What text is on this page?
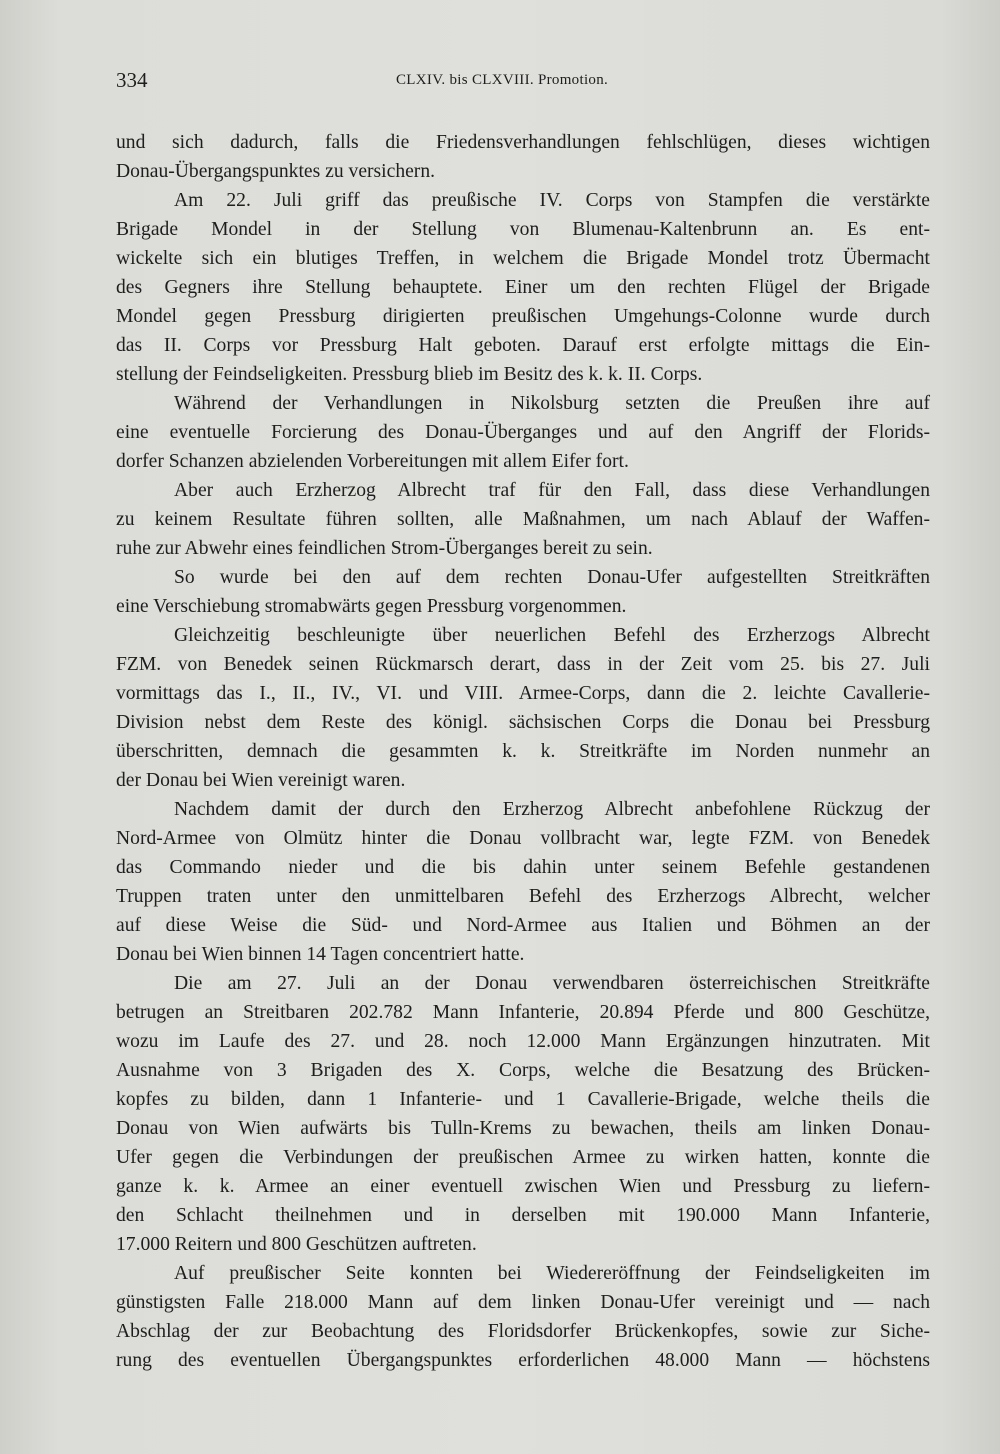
334	CLXIV. bis CLXVIII. Promotion.
und sich dadurch, falls die Friedensverhandlungen fehlschlügen, dieses wichtigen
Donau-Übergangspunktes zu versichern.
Am 22. Juli griff das preußische IV. Corps von Stampfen die verstärkte
Brigade Mondel in der Stellung von Blumenau-Kaltenbrunn an. Es ent-
wickelte sich ein blutiges Treffen, in welchem die Brigade Mondel trotz Übermacht
des Gegners ihre Stellung behauptete. Einer um den rechten Flügel der Brigade
Mondel gegen Pressburg dirigierten preußischen Umgehungs-Colonne wurde durch
das II. Corps vor Pressburg Halt geboten. Darauf erst erfolgte mittags die Ein-
stellung der Feindseligkeiten. Pressburg blieb im Besitz des k. k. II. Corps.
Während der Verhandlungen in Nikolsburg setzten die Preußen ihre auf
eine eventuelle Forcierung des Donau-Überganges und auf den Angriff der Florids-
dorfer Schanzen abzielenden Vorbereitungen mit allem Eifer fort.
Aber auch Erzherzog Albrecht traf für den Fall, dass diese Verhandlungen
zu keinem Resultate führen sollten, alle Maßnahmen, um nach Ablauf der Waffen-
ruhe zur Abwehr eines feindlichen Strom-Überganges bereit zu sein.
So wurde bei den auf dem rechten Donau-Ufer aufgestellten Streitkräften
eine Verschiebung stromabwärts gegen Pressburg vorgenommen.
Gleichzeitig beschleunigte über neuerlichen Befehl des Erzherzogs Albrecht
FZM. von Benedek seinen Rückmarsch derart, dass in der Zeit vom 25. bis 27. Juli
vormittags das I., II., IV., VI. und VIII. Armee-Corps, dann die 2. leichte Cavallerie-
Division nebst dem Reste des königl. sächsischen Corps die Donau bei Pressburg
überschritten, demnach die gesammten k. k. Streitkräfte im Norden nunmehr an
der Donau bei Wien vereinigt waren.
Nachdem damit der durch den Erzherzog Albrecht anbefohlene Rückzug der
Nord-Armee von Olmütz hinter die Donau vollbracht war, legte FZM. von Benedek
das Commando nieder und die bis dahin unter seinem Befehle gestandenen
Truppen traten unter den unmittelbaren Befehl des Erzherzogs Albrecht, welcher
auf diese Weise die Süd- und Nord-Armee aus Italien und Böhmen an der
Donau bei Wien binnen 14 Tagen concentriert hatte.
Die am 27. Juli an der Donau verwendbaren österreichischen Streitkräfte
betrugen an Streitbaren 202.782 Mann Infanterie, 20.894 Pferde und 800 Geschütze,
wozu im Laufe des 27. und 28. noch 12.000 Mann Ergänzungen hinzutraten. Mit
Ausnahme von 3 Brigaden des X. Corps, welche die Besatzung des Brücken-
kopfes zu bilden, dann 1 Infanterie- und 1 Cavallerie-Brigade, welche theils die
Donau von Wien aufwärts bis Tulln-Krems zu bewachen, theils am linken Donau-
Ufer gegen die Verbindungen der preußischen Armee zu wirken hatten, konnte die
ganze k. k. Armee an einer eventuell zwischen Wien und Pressburg zu liefern-
den Schlacht theilnehmen und in derselben mit 190.000 Mann Infanterie,
17.000 Reitern und 800 Geschützen auftreten.
Auf preußischer Seite konnten bei Wiedereröffnung der Feindseligkeiten im
günstigsten Falle 218.000 Mann auf dem linken Donau-Ufer vereinigt und — nach
Abschlag der zur Beobachtung des Floridsdorfer Brückenkopfes, sowie zur Siche-
rung des eventuellen Übergangspunktes erforderlichen 48.000 Mann — höchstens
